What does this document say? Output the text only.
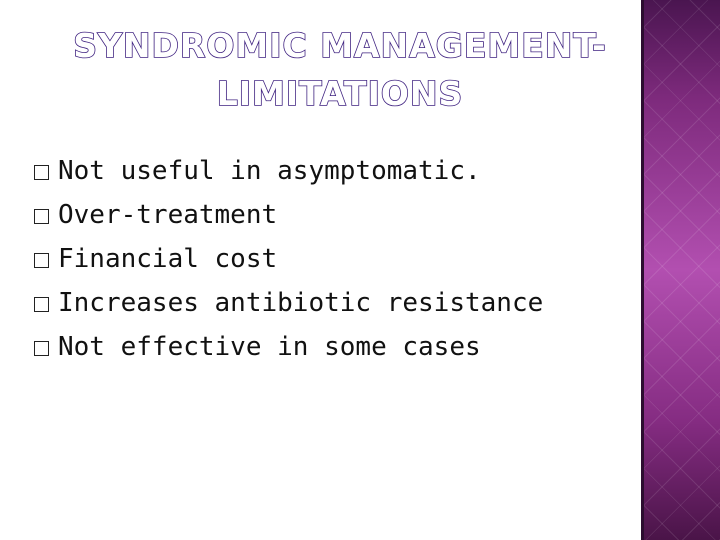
SYNDROMIC MANAGEMENT-
LIMITATIONS
Not useful in asymptomatic.
Over-treatment
Financial cost
Increases antibiotic resistance
Not effective in some cases
